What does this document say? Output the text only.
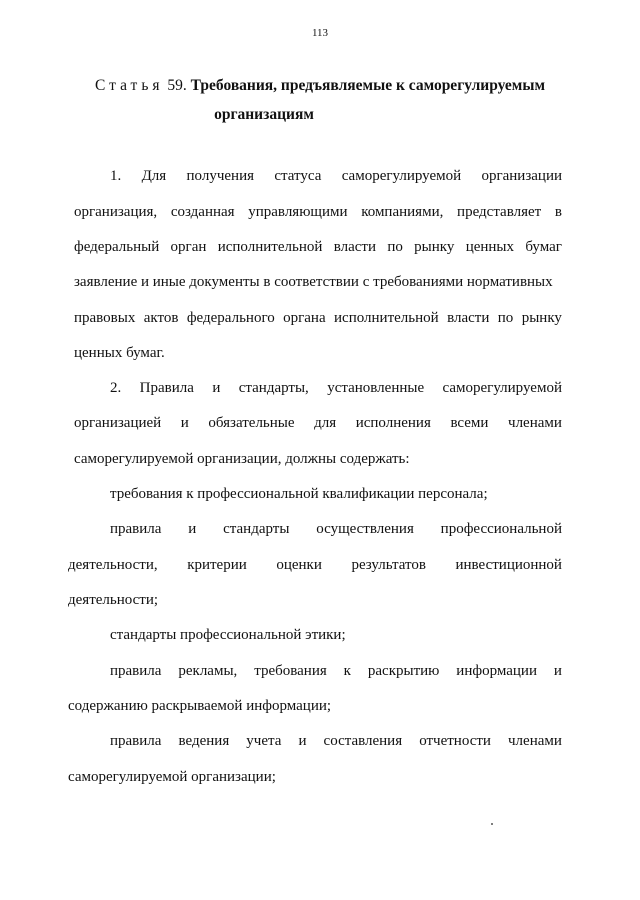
113
Статья 59. Требования, предъявляемые к саморегулируемым
организациям
1. Для получения статуса саморегулируемой организации
организация, созданная управляющими компаниями, представляет в
федеральный орган исполнительной власти по рынку ценных бумаг
заявление и иные документы в соответствии с требованиями нормативных
правовых актов федерального органа исполнительной власти по рынку
ценных бумаг.
2. Правила и стандарты, установленные саморегулируемой
организацией и обязательные для исполнения всеми членами
саморегулируемой организации, должны содержать:
требования к профессиональной квалификации персонала;
правила и стандарты осуществления профессиональной
деятельности, критерии оценки результатов инвестиционной
деятельности;
стандарты профессиональной этики;
правила рекламы, требования к раскрытию информации и
содержанию раскрываемой информации;
правила ведения учета и составления отчетности членами
саморегулируемой организации;
